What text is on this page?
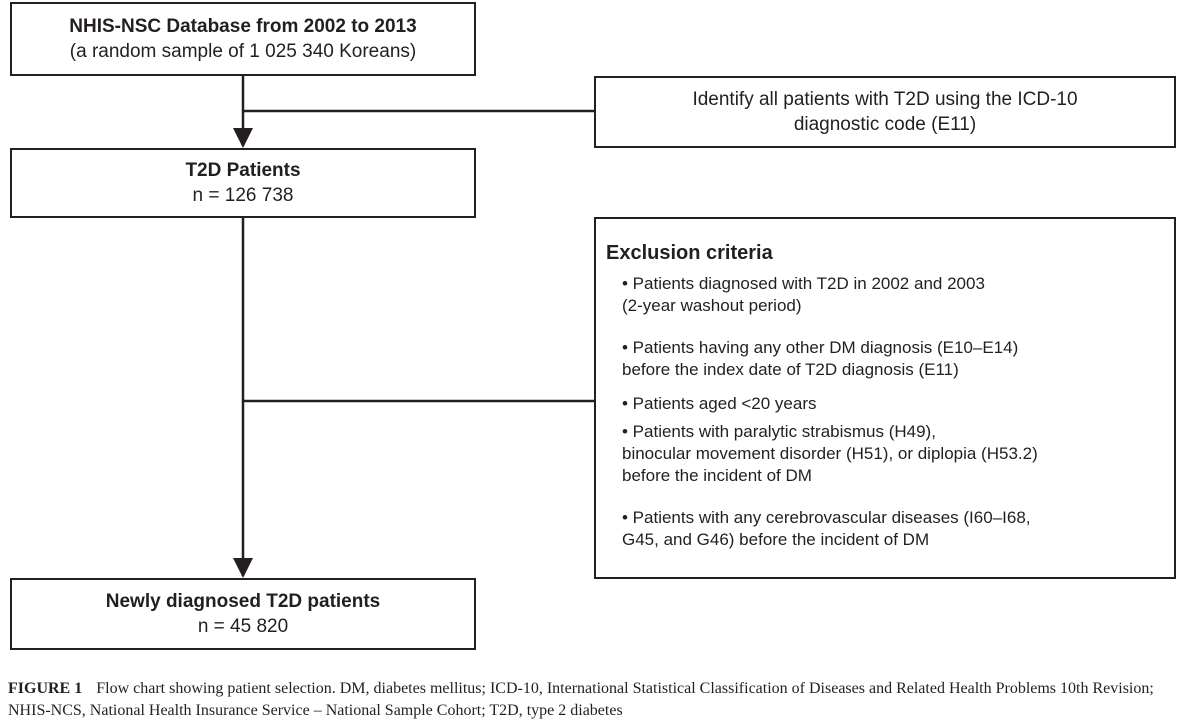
NHIS-NSC Database from 2002 to 2013
(a random sample of 1 025 340 Koreans)
Identify all patients with T2D using the ICD-10
diagnostic code (E11)
T2D Patients
n = 126 738
Exclusion criteria
• Patients diagnosed with T2D in 2002 and 2003
(2-year washout period)
• Patients having any other DM diagnosis (E10–E14)
before the index date of T2D diagnosis (E11)
• Patients aged <20 years
• Patients with paralytic strabismus (H49),
binocular movement disorder (H51), or diplopia (H53.2)
before the incident of DM
• Patients with any cerebrovascular diseases (I60–I68,
G45, and G46) before the incident of DM
Newly diagnosed T2D patients
n = 45 820
FIGURE 1 Flow chart showing patient selection. DM, diabetes mellitus; ICD-10, International Statistical Classification of Diseases and Related Health Problems 10th Revision; NHIS-NCS, National Health Insurance Service – National Sample Cohort; T2D, type 2 diabetes
